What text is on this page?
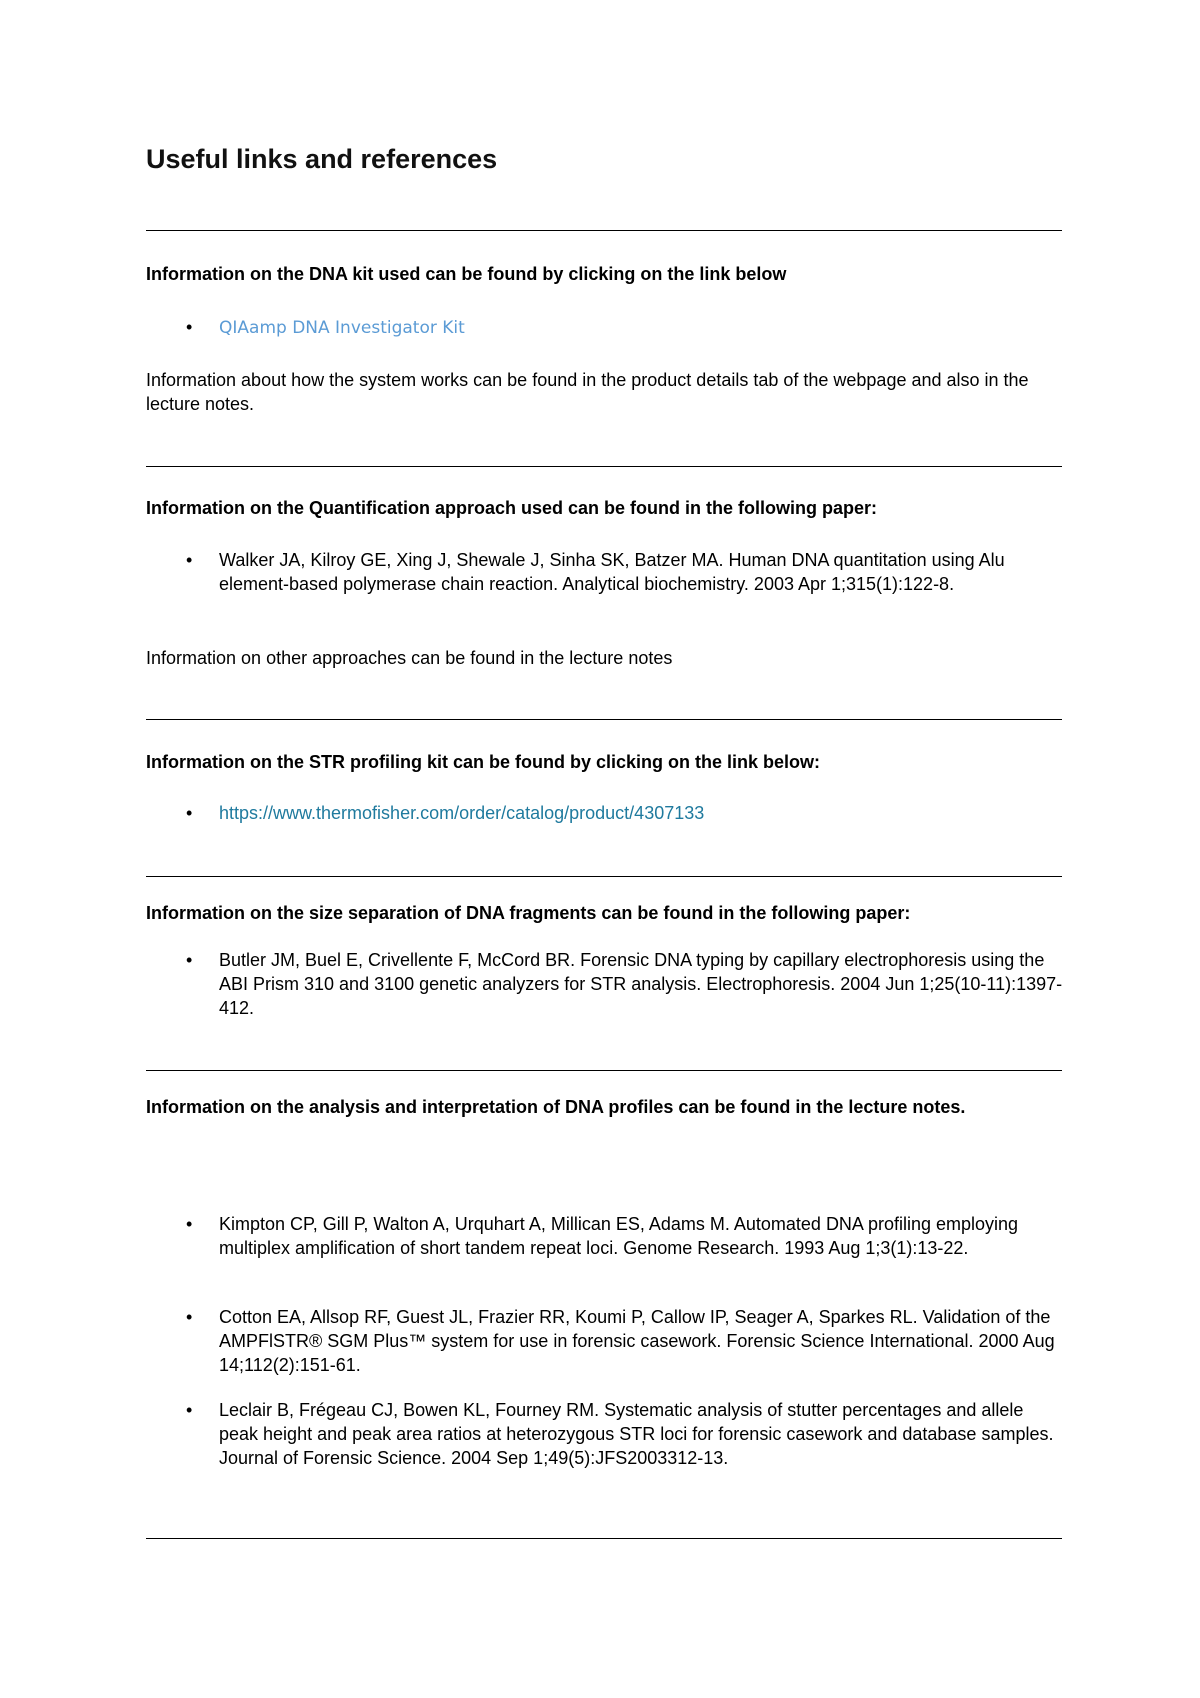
Useful links and references

Information on the DNA kit used can be found by clicking on the link below

• QIAamp DNA Investigator Kit

Information about how the system works can be found in the product details tab of the webpage and also in the lecture notes.

Information on the Quantification approach used can be found in the following paper:

• Walker JA, Kilroy GE, Xing J, Shewale J, Sinha SK, Batzer MA. Human DNA quantitation using Alu element-based polymerase chain reaction. Analytical biochemistry. 2003 Apr 1;315(1):122-8.

Information on other approaches can be found in the lecture notes

Information on the STR profiling kit can be found by clicking on the link below:

• https://www.thermofisher.com/order/catalog/product/4307133

Information on the size separation of DNA fragments can be found in the following paper:

• Butler JM, Buel E, Crivellente F, McCord BR. Forensic DNA typing by capillary electrophoresis using the ABI Prism 310 and 3100 genetic analyzers for STR analysis. Electrophoresis. 2004 Jun 1;25(10-11):1397-412.

Information on the analysis and interpretation of DNA profiles can be found in the lecture notes.

• Kimpton CP, Gill P, Walton A, Urquhart A, Millican ES, Adams M. Automated DNA profiling employing multiplex amplification of short tandem repeat loci. Genome Research. 1993 Aug 1;3(1):13-22.

• Cotton EA, Allsop RF, Guest JL, Frazier RR, Koumi P, Callow IP, Seager A, Sparkes RL. Validation of the AMPFlSTR® SGM Plus™ system for use in forensic casework. Forensic Science International. 2000 Aug 14;112(2):151-61.

• Leclair B, Frégeau CJ, Bowen KL, Fourney RM. Systematic analysis of stutter percentages and allele peak height and peak area ratios at heterozygous STR loci for forensic casework and database samples. Journal of Forensic Science. 2004 Sep 1;49(5):JFS2003312-13.
